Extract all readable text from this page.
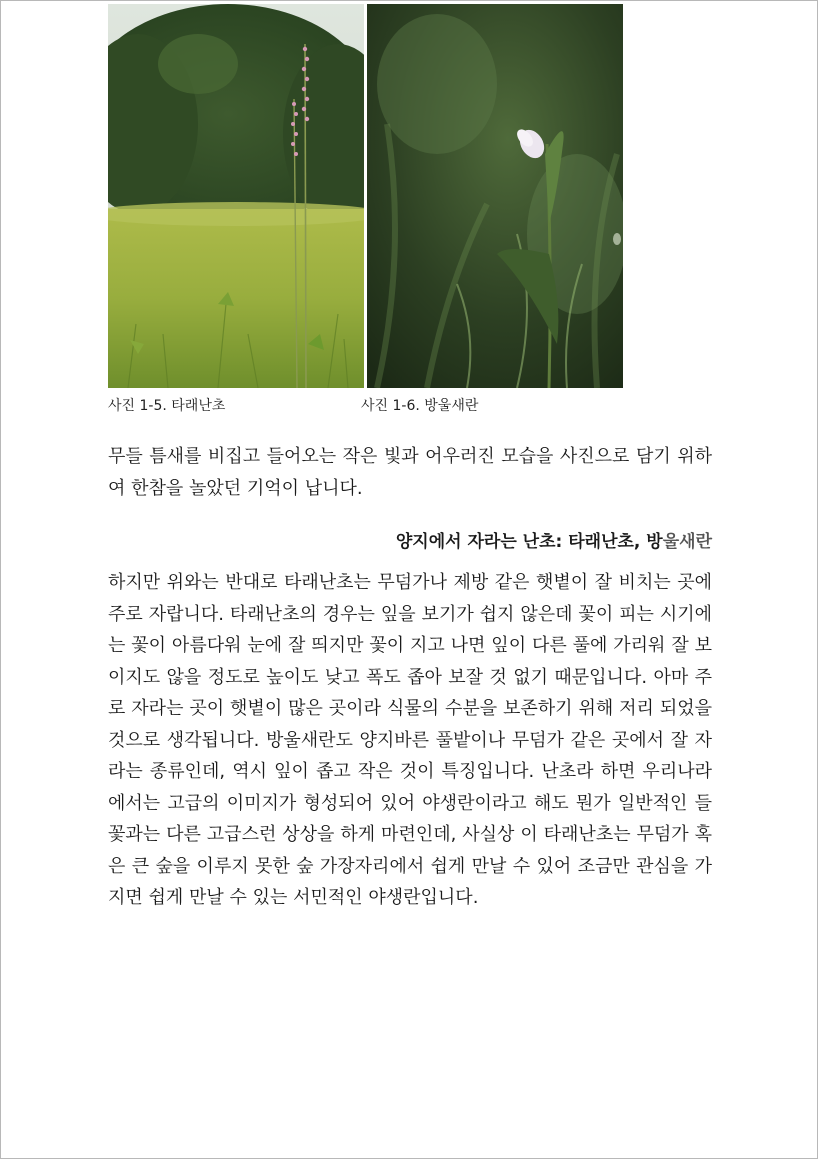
사진 1-5. 타래난초	사진 1-6. 방울새란

무들 틈새를 비집고 들어오는 작은 빛과 어우러진 모습을 사진으로 담기 위하여 한참을 놀았던 기억이 납니다.

양지에서 자라는 난초: 타래난초, 방울새란

하지만 위와는 반대로 타래난초는 무덤가나 제방 같은 햇볕이 잘 비치는 곳에 주로 자랍니다. 타래난초의 경우는 잎을 보기가 쉽지 않은데 꽃이 피는 시기에는 꽃이 아름다워 눈에 잘 띄지만 꽃이 지고 나면 잎이 다른 풀에 가리워 잘 보이지도 않을 정도로 높이도 낮고 폭도 좁아 보잘 것 없기 때문입니다. 아마 주로 자라는 곳이 햇볕이 많은 곳이라 식물의 수분을 보존하기 위해 저리 되었을 것으로 생각됩니다. 방울새란도 양지바른 풀밭이나 무덤가 같은 곳에서 잘 자라는 종류인데, 역시 잎이 좁고 작은 것이 특징입니다. 난초라 하면 우리나라에서는 고급의 이미지가 형성되어 있어 야생란이라고 해도 뭔가 일반적인 들꽃과는 다른 고급스런 상상을 하게 마련인데, 사실상 이 타래난초는 무덤가 혹은 큰 숲을 이루지 못한 숲 가장자리에서 쉽게 만날 수 있어 조금만 관심을 가지면 쉽게 만날 수 있는 서민적인 야생란입니다.
